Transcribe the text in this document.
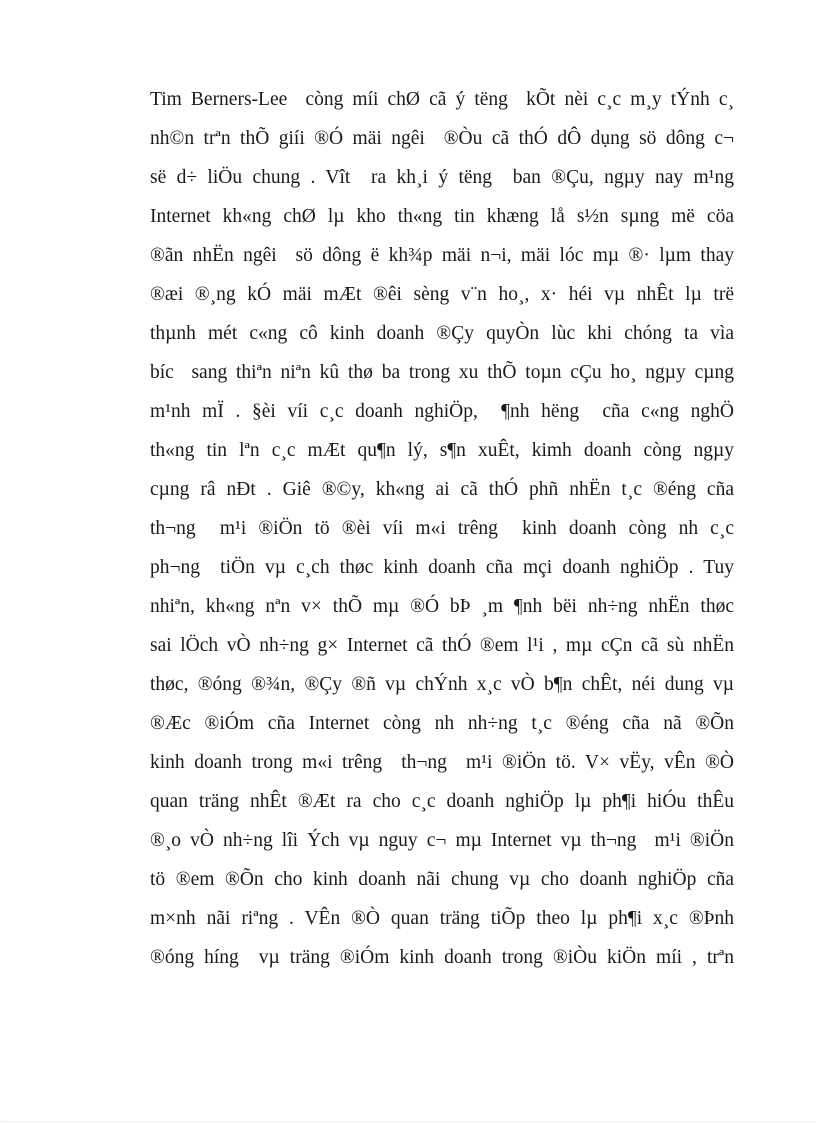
Tim Berners-Lee  còng míi chØ cã ý tëng  kÕt nèi c¸c m¸y tÝnh c¸
nh©n trªn thÕ giíi ®Ó mäi ngêi  ®Òu cã thÓ dÔ dụng sö dông c¬
së d÷ liÖu chung . Vît  ra kh¸i ý tëng  ban ®Çu, ngµy nay m¹ng
Internet kh«ng chØ lµ kho th«ng tin khæng lå s½n sµng më cöa
®ãn nhËn ngêi  sö dông ë kh¾p mäi n¬i, mäi lóc mµ ®· lµm thay
®æi ®¸ng kÓ mäi mÆt ®êi sèng v¨n ho¸, x· héi vµ nhÊt lµ trë
thµnh mét c«ng cô kinh doanh ®Çy quyÒn lùc khi chóng ta vìa
bíc  sang thiªn niªn kû thø ba trong xu thÕ toµn cÇu ho¸ ngµy cµng
m¹nh mÏ . §èi víi c¸c doanh nghiÖp,  ¶nh hëng  cña c«ng nghÖ
th«ng tin lªn c¸c mÆt qu¶n lý, s¶n xuÊt, kimh doanh còng ngµy
cµng râ nÐt . Giê ®©y, kh«ng ai cã thÓ phñ nhËn t¸c ®éng cña
th¬ng  m¹i ®iÖn tö ®èi víi m«i trêng  kinh doanh còng nh c¸c
ph¬ng  tiÖn vµ c¸ch thøc kinh doanh cña mçi doanh nghiÖp . Tuy
nhiªn, kh«ng nªn v× thÕ mµ ®Ó bÞ ¸m ¶nh bëi nh÷ng nhËn thøc
sai lÖch vÒ nh÷ng g× Internet cã thÓ ®em l¹i , mµ cÇn cã sù nhËn
thøc, ®óng ®¾n, ®Çy ®ñ vµ chÝnh x¸c vÒ b¶n chÊt, néi dung vµ
®Æc ®iÓm cña Internet còng nh nh÷ng t¸c ®éng cña nã ®Õn
kinh doanh trong m«i trêng  th¬ng  m¹i ®iÖn tö. V× vËy, vÊn ®Ò
quan träng nhÊt ®Æt ra cho c¸c doanh nghiÖp lµ ph¶i hiÓu thÊu
®¸o vÒ nh÷ng lîi Ých vµ nguy c¬ mµ Internet vµ th¬ng  m¹i ®iÖn
tö ®em ®Õn cho kinh doanh nãi chung vµ cho doanh nghiÖp cña
m×nh nãi riªng . VÊn ®Ò quan träng tiÕp theo lµ ph¶i x¸c ®Þnh
®óng híng  vµ träng ®iÓm kinh doanh trong ®iÒu kiÖn míi , trªn
